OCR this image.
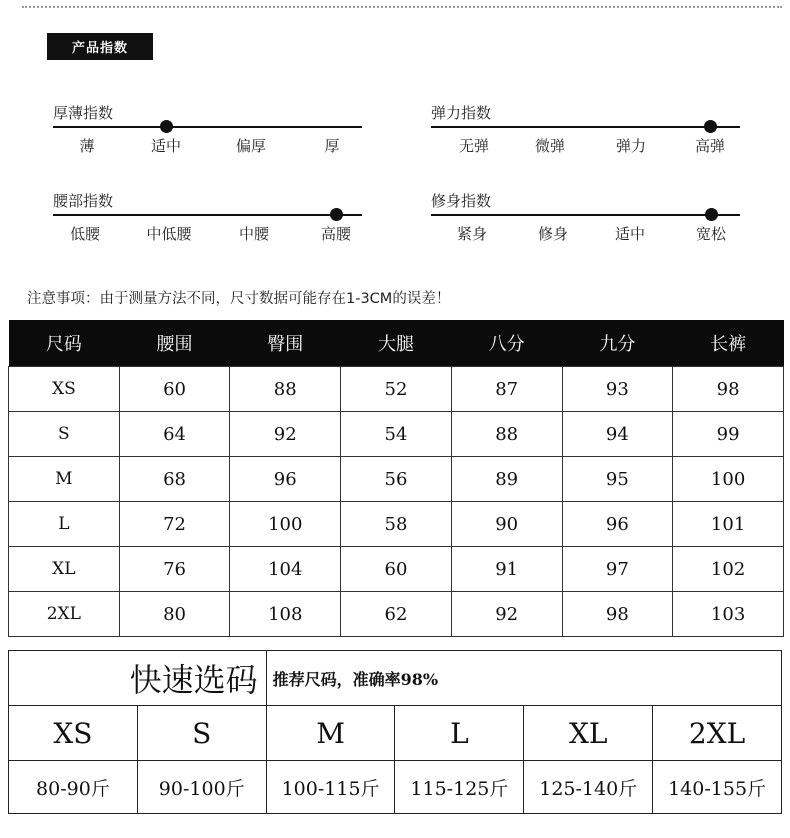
产品指数
厚薄指数
薄	适中	偏厚	厚
弹力指数
无弹	微弹	弹力	高弹
腰部指数
低腰	中低腰	中腰	高腰
修身指数
紧身	修身	适中	宽松
注意事项：由于测量方法不同，尺寸数据可能存在1-3CM的误差！
尺码	腰围	臀围	大腿	八分	九分	长裤
XS	60	88	52	87	93	98
S	64	92	54	88	94	99
M	68	96	56	89	95	100
L	72	100	58	90	96	101
XL	76	104	60	91	97	102
2XL	80	108	62	92	98	103
快速选码		推荐尺码，准确率98%			
XS	S	M	L	XL	2XL
80-90斤	90-100斤	100-115斤	115-125斤	125-140斤	140-155斤
